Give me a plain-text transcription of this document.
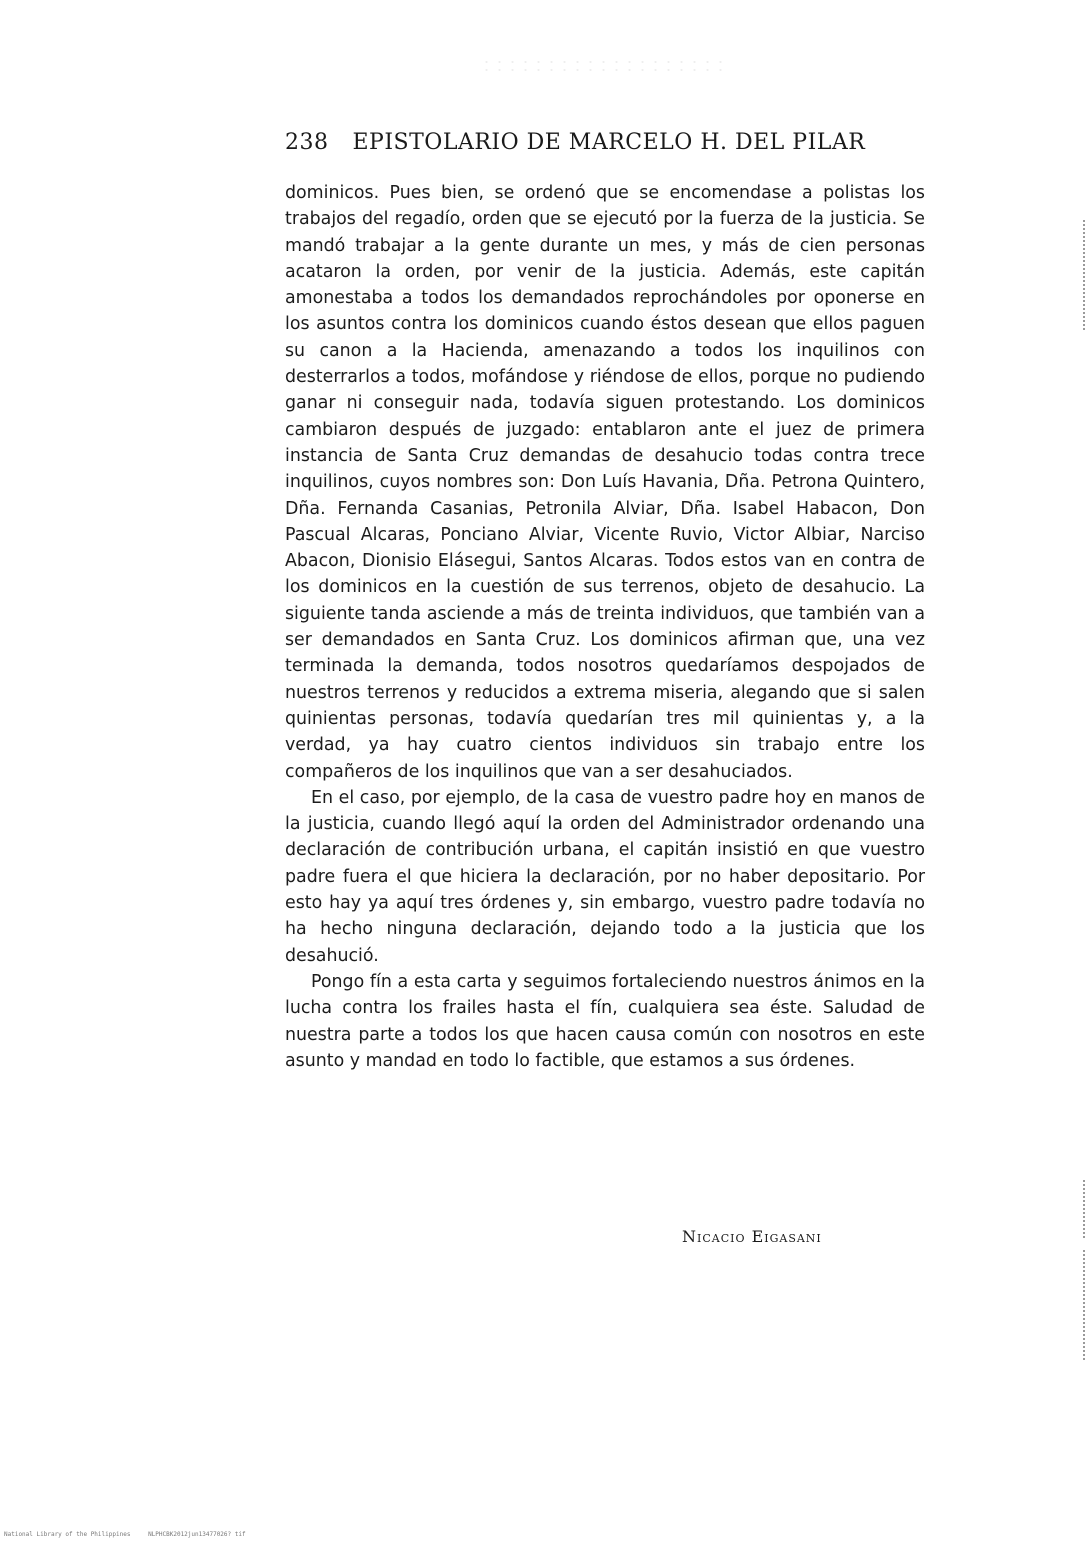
238 EPISTOLARIO DE MARCELO H. DEL PILAR

dominicos. Pues bien, se ordenó que se encomendase a polistas los trabajos del regadío, orden que se ejecutó por la fuerza de la justicia. Se mandó trabajar a la gente durante un mes, y más de cien personas acataron la orden, por venir de la justicia. Además, este capitán amonestaba a todos los demandados reprochándoles por oponerse en los asuntos contra los dominicos cuando éstos desean que ellos paguen su canon a la Hacienda, amenazando a todos los inquilinos con desterrarlos a todos, mofándose y riéndose de ellos, porque no pudiendo ganar ni conseguir nada, todavía siguen protestando. Los dominicos cambiaron después de juzgado: entablaron ante el juez de primera instancia de Santa Cruz demandas de desahucio todas contra trece inquilinos, cuyos nombres son: Don Luís Havania, Dña. Petrona Quintero, Dña. Fernanda Casanias, Petronila Alviar, Dña. Isabel Habacon, Don Pascual Alcaras, Ponciano Alviar, Vicente Ruvio, Victor Albiar, Narciso Abacon, Dionisio Elásegui, Santos Alcaras. Todos estos van en contra de los dominicos en la cuestión de sus terrenos, objeto de desahucio. La siguiente tanda asciende a más de treinta individuos, que también van a ser demandados en Santa Cruz. Los dominicos afirman que, una vez terminada la demanda, todos nosotros quedaríamos despojados de nuestros terrenos y reducidos a extrema miseria, alegando que si salen quinientas personas, todavía quedarían tres mil quinientas y, a la verdad, ya hay cuatro cientos individuos sin trabajo entre los compañeros de los inquilinos que van a ser desahuciados.

En el caso, por ejemplo, de la casa de vuestro padre hoy en manos de la justicia, cuando llegó aquí la orden del Administrador ordenando una declaración de contribución urbana, el capitán insistió en que vuestro padre fuera el que hiciera la declaración, por no haber depositario. Por esto hay ya aquí tres órdenes y, sin embargo, vuestro padre todavía no ha hecho ninguna declaración, dejando todo a la justicia que los desahució.

Pongo fín a esta carta y seguimos fortaleciendo nuestros ánimos en la lucha contra los frailes hasta el fín, cualquiera sea éste. Saludad de nuestra parte a todos los que hacen causa común con nosotros en este asunto y mandad en todo lo factible, que estamos a sus órdenes.

Nicacio Eigasani
National Library of the Philippines	NLPHCBK2012jun13477026? tif
